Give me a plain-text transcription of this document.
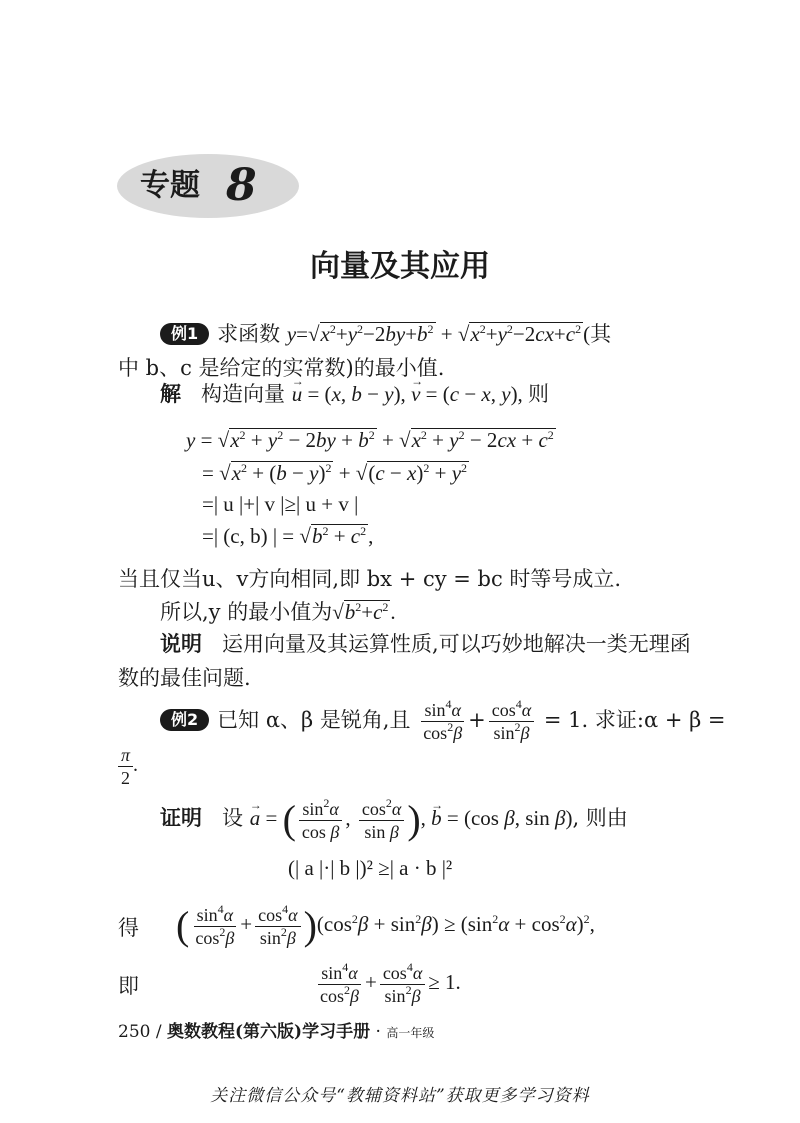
专题 8
向量及其应用
例1 求函数 $y=√x^2+y^2-2by+b^2 + √x^2+y^2-2cx+c^2$(其
中 b、c 是给定的实常数)的最小值.
解 构造向量 → u = (x, b − y), → v = (c − x, y), 则
$y = √x^2 + y^2 - 2by + b^2 + √x^2 + y^2 - 2cx + c^2$
= $√x^2 + (b - y)^2 + √(c - x)^2 + y^2$
=| u |+| v |≥| u + v |
=| (c, b) | = $√b^2 + c^2$,
当且仅当u、v方向相同,即 bx + cy = bc 时等号成立.
所以,y 的最小值为$√b^2+c^2$.
说明 运用向量及其运算性质,可以巧妙地解决一类无理函
数的最佳问题.
例2 已知 α、β 是锐角,且 $\frac{\sin^4\alpha}{\cos^2\beta} + \frac{\cos^4\alpha}{\sin^2\beta} = 1$. 求证:α + β =
$\frac{\pi}{2}$ .
证明 设 → a = ( $\frac{\sin^2\alpha}{\text{cos β}}$ , $\frac{\cos^2\alpha}{\text{sin β}}$ ), → b = (cos β, sin β), 则由
(| a |·| b |)² ≥| a · b |²
得 ( $\frac{\sin^4\alpha}{\cos^2\beta} + \frac{\cos^4\alpha}{\sin^2\beta} )(\cos^2\beta + \sin^2\beta) \ge (\sin^2\alpha + \cos^2\alpha)^2$,
即	$\frac{\sin^4\alpha}{\cos^2\beta} + \frac{\cos^4\alpha}{\sin^2\beta} \ge 1$.
250 / 奥数教程(第六版)学习手册 · 高一年级
关注微信公众号“教辅资料站”获取更多学习资料
